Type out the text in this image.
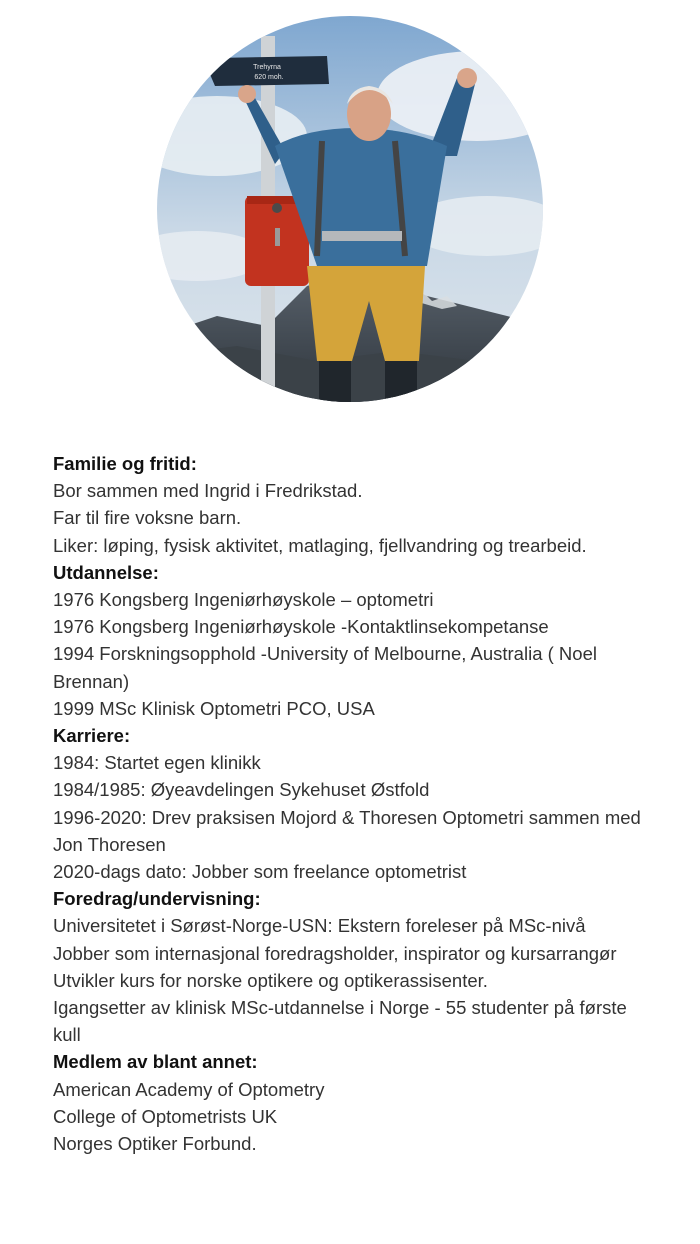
Trehyrna
620 moh.

Familie og fritid:

Bor sammen med Ingrid i Fredrikstad.

Far til fire voksne barn.

Liker: løping, fysisk aktivitet, matlaging, fjellvandring og trearbeid.

Utdannelse:

1976 Kongsberg Ingeniørhøyskole – optometri

1976 Kongsberg Ingeniørhøyskole -Kontaktlinsekompetanse

1994 Forskningsopphold -University of Melbourne, Australia ( Noel Brennan)

1999 MSc Klinisk Optometri PCO, USA

Karriere:

1984: Startet egen klinikk

1984/1985: Øyeavdelingen Sykehuset Østfold

1996-2020: Drev praksisen Mojord & Thoresen Optometri sammen med Jon Thoresen

2020-dags dato: Jobber som freelance optometrist

Foredrag/undervisning:

Universitetet i Sørøst-Norge-USN: Ekstern foreleser på MSc-nivå

Jobber som internasjonal foredragsholder, inspirator og kursarrangør

Utvikler kurs for norske optikere og optikerassisenter.

Igangsetter av klinisk MSc-utdannelse i Norge - 55 studenter på første kull

Medlem av blant annet:

American Academy of Optometry

College of Optometrists UK

Norges Optiker Forbund.
